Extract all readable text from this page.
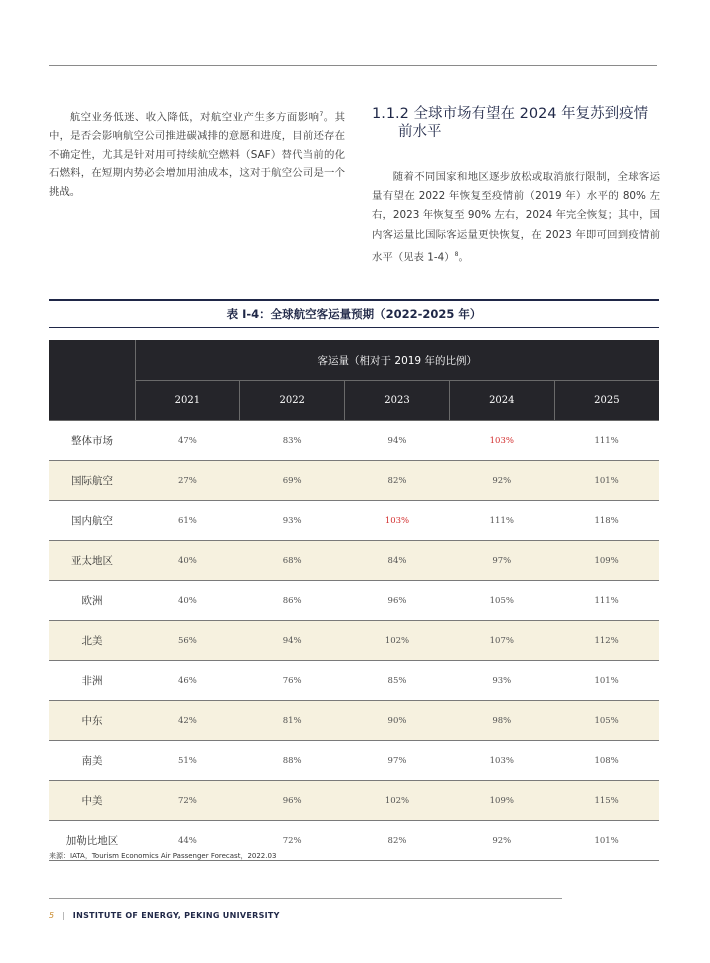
航空业务低迷、收入降低，对航空业产生多方面影响$^7$。其中，是否会影响航空公司推进碳减排的意愿和进度，目前还存在不确定性，尤其是针对用可持续航空燃料（SAF）替代当前的化石燃料，在短期内势必会增加用油成本，这对于航空公司是一个挑战。

1.1.2 全球市场有望在 2024 年复苏到疫情前水平

随着不同国家和地区逐步放松或取消旅行限制，全球客运量有望在 2022 年恢复至疫情前（2019 年）水平的 80% 左右，2023 年恢复至 90% 左右，2024 年完全恢复；其中，国内客运量比国际客运量更快恢复，在 2023 年即可回到疫情前水平（见表 1-4）$^8$。

表 I-4：全球航空客运量预期（2022-2025 年）
	客运量（相对于 2019 年的比例）				
	2021	2022	2023	2024	2025
整体市场	47%	83%	94%	103%	111%
国际航空	27%	69%	82%	92%	101%
国内航空	61%	93%	103%	111%	118%
亚太地区	40%	68%	84%	97%	109%
欧洲	40%	86%	96%	105%	111%
北美	56%	94%	102%	107%	112%
非洲	46%	76%	85%	93%	101%
中东	42%	81%	90%	98%	105%
南美	51%	88%	97%	103%	108%
中美	72%	96%	102%	109%	115%
加勒比地区	44%	72%	82%	92%	101%
来源：IATA，Tourism Economics Air Passenger Forecast，2022.03
5 | INSTITUTE OF ENERGY, PEKING UNIVERSITY
